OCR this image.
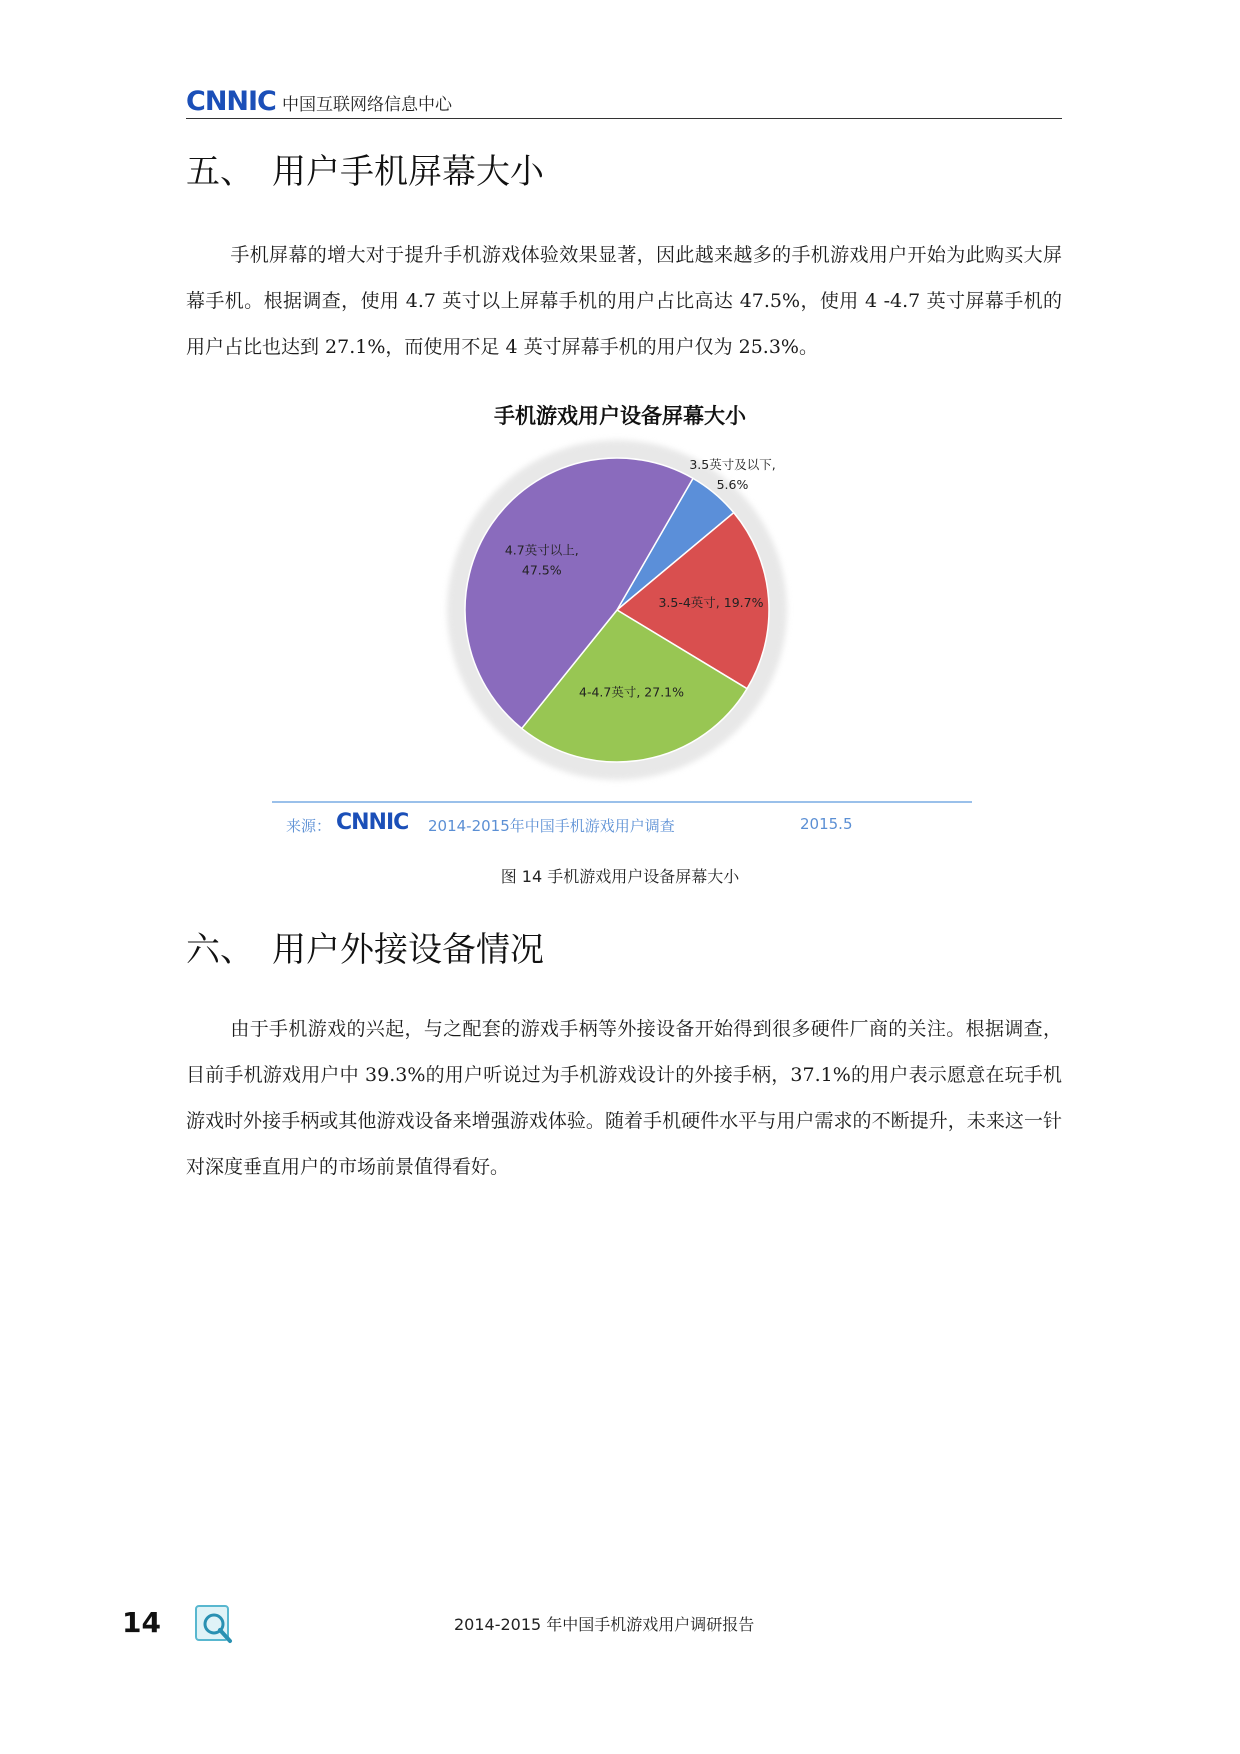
CNNIC 中国互联网络信息中心
五、 用户手机屏幕大小

手机屏幕的增大对于提升手机游戏体验效果显著，因此越来越多的手机游戏用户开始为此购买大屏幕手机。根据调查，使用 4.7 英寸以上屏幕手机的用户占比高达 47.5%，使用 4 -4.7 英寸屏幕手机的用户占比也达到 27.1%，而使用不足 4 英寸屏幕手机的用户仅为 25.3%。

手机游戏用户设备屏幕大小
3.5英寸及以下, 5.6%
3.5-4英寸, 19.7%
4-4.7英寸, 27.1%
4.7英寸以上, 47.5%
来源： CNNIC 2014-2015年中国手机游戏用户调查	2015.5
图 14 手机游戏用户设备屏幕大小
六、 用户外接设备情况

由于手机游戏的兴起，与之配套的游戏手柄等外接设备开始得到很多硬件厂商的关注。根据调查，目前手机游戏用户中 39.3%的用户听说过为手机游戏设计的外接手柄，37.1%的用户表示愿意在玩手机游戏时外接手柄或其他游戏设备来增强游戏体验。随着手机硬件水平与用户需求的不断提升，未来这一针对深度垂直用户的市场前景值得看好。

14	2014-2015 年中国手机游戏用户调研报告
